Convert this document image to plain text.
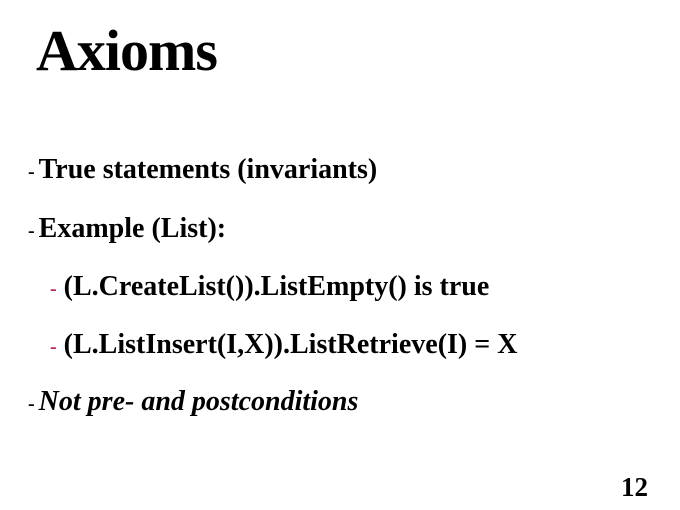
Axioms
- True statements (invariants)
- Example (List):
- (L.CreateList()).ListEmpty() is true
- (L.ListInsert(I,X)).ListRetrieve(I) = X
- Not pre- and postconditions
12
